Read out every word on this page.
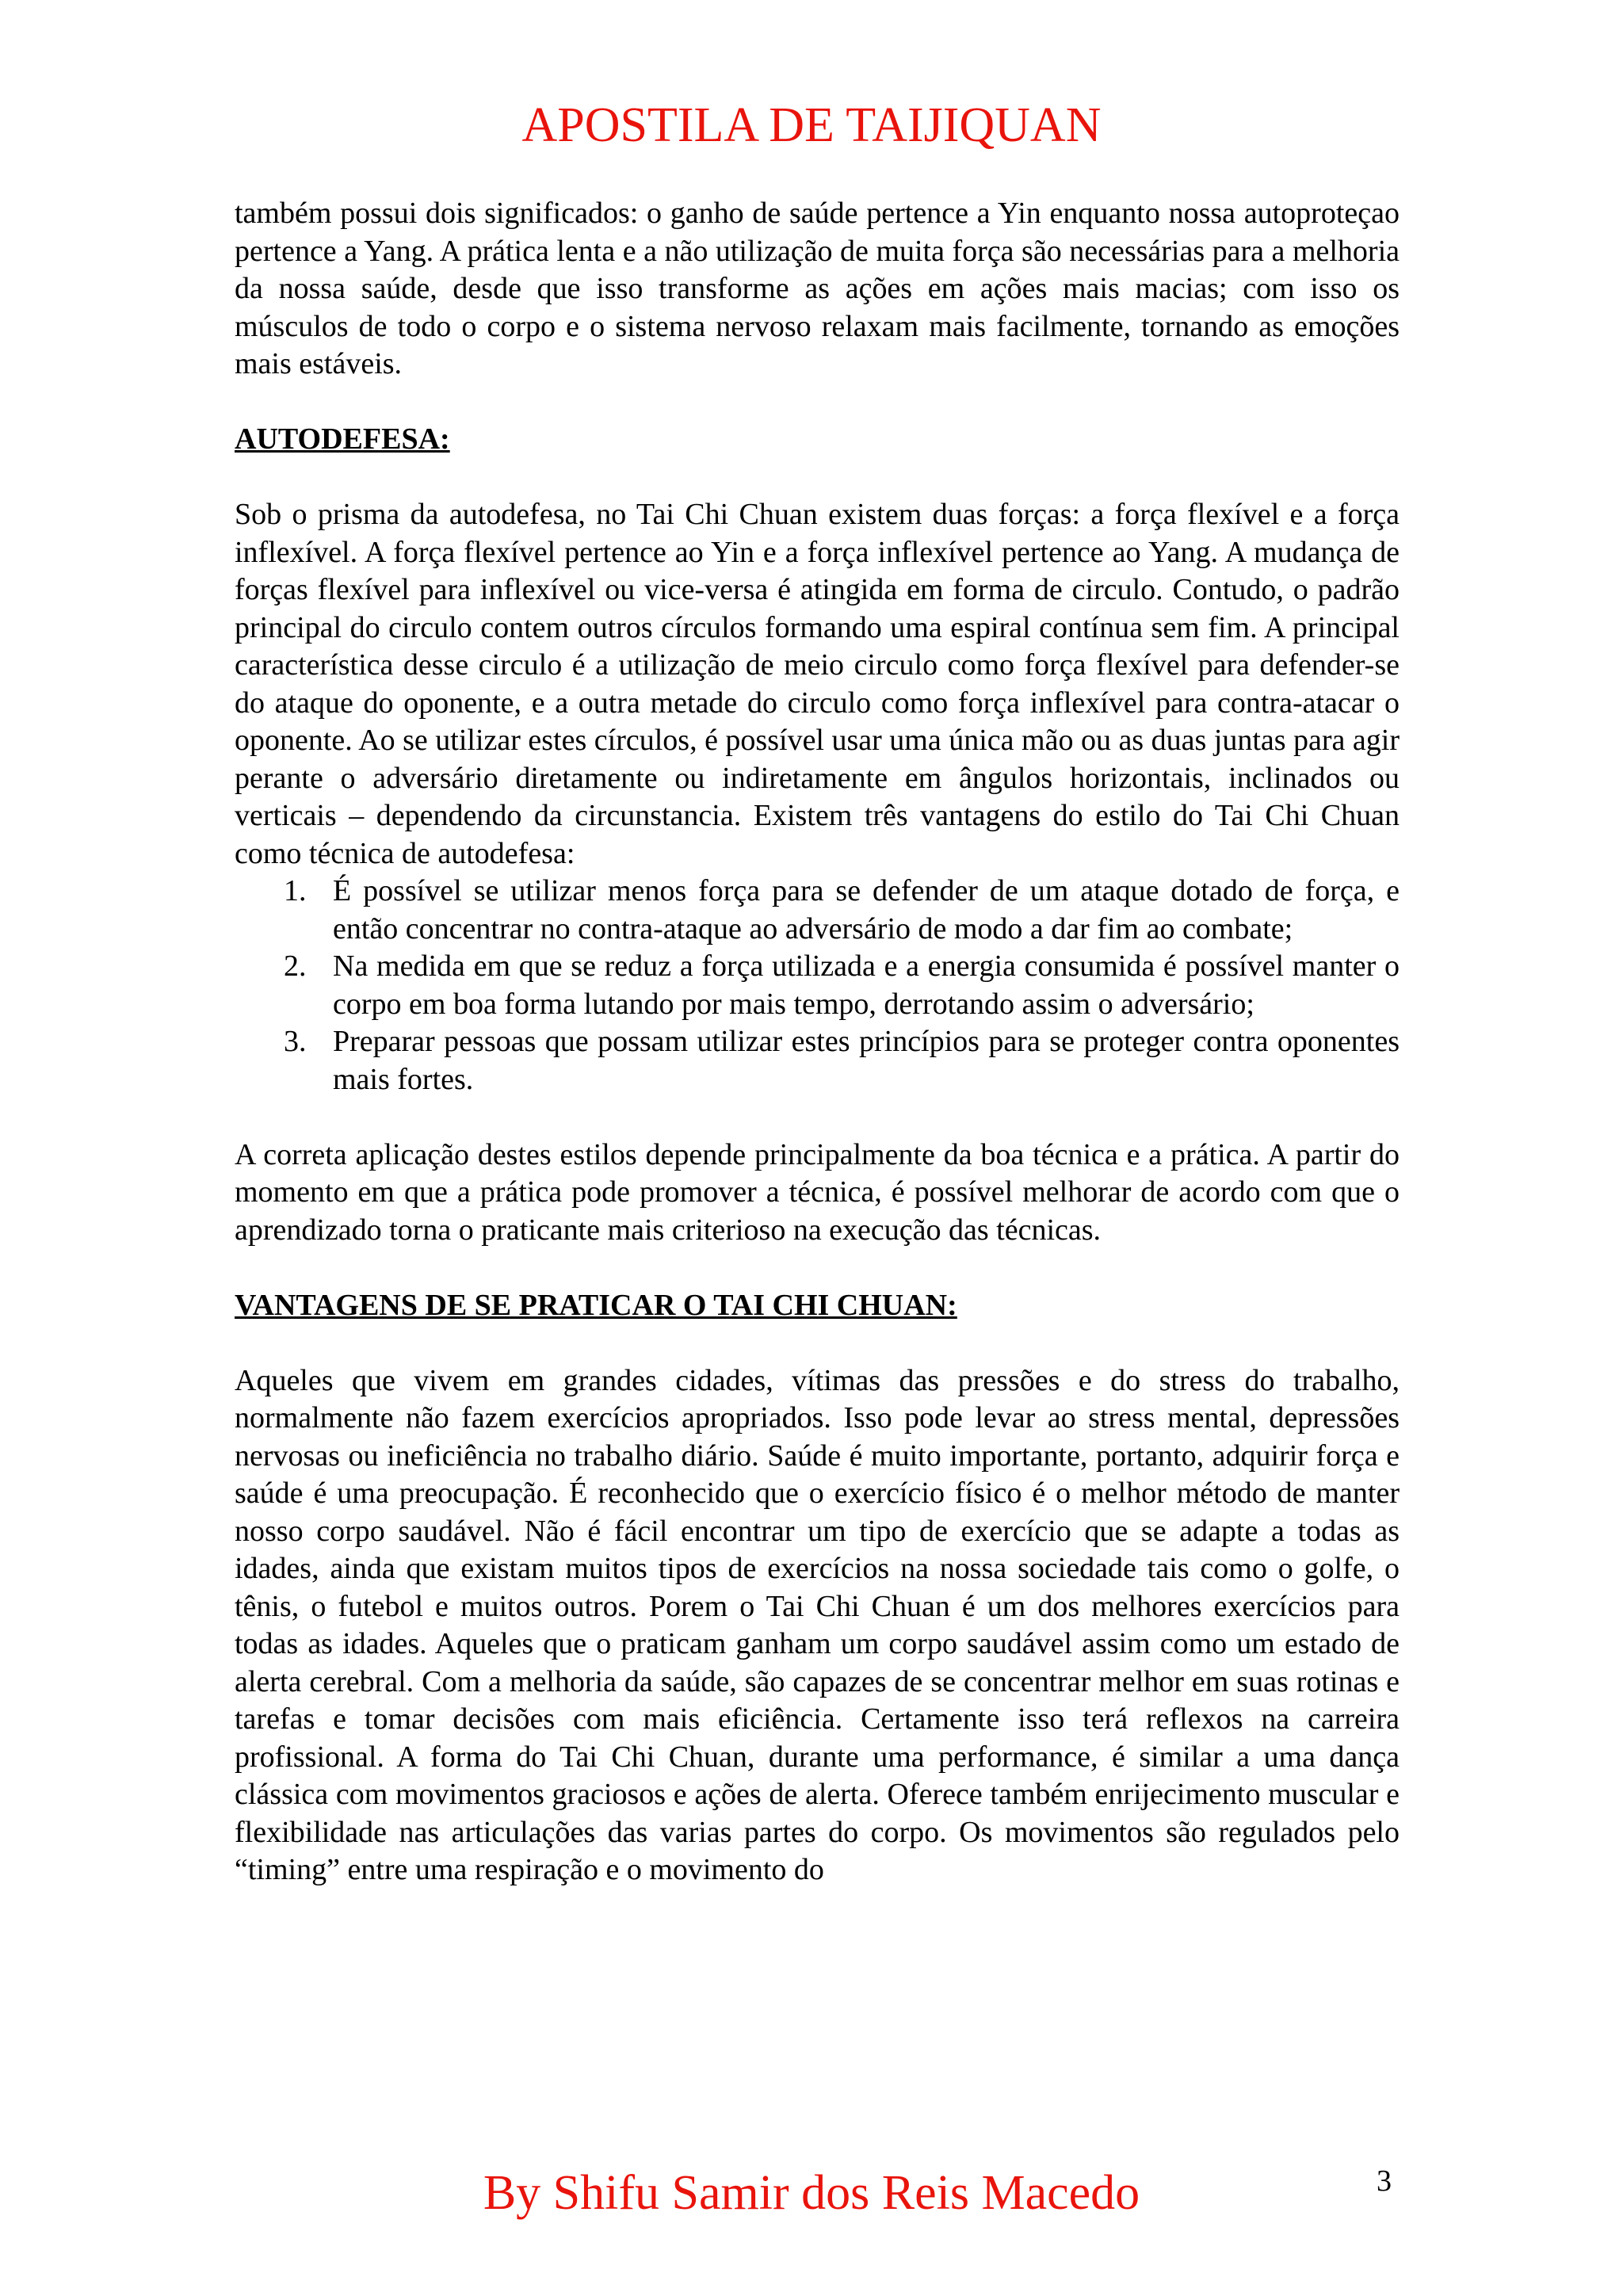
APOSTILA DE TAIJIQUAN

também possui dois significados: o ganho de saúde pertence a Yin enquanto nossa autoproteçao pertence a Yang. A prática lenta e a não utilização de muita força são necessárias para a melhoria da nossa saúde, desde que isso transforme as ações em ações mais macias; com isso os músculos de todo o corpo e o sistema nervoso relaxam mais facilmente, tornando as emoções mais estáveis.

AUTODEFESA:

Sob o prisma da autodefesa, no Tai Chi Chuan existem duas forças: a força flexível e a força inflexível. A força flexível pertence ao Yin e a força inflexível pertence ao Yang. A mudança de forças flexível para inflexível ou vice-versa é atingida em forma de circulo. Contudo, o padrão principal do circulo contem outros círculos formando uma espiral contínua sem fim. A principal característica desse circulo é a utilização de meio circulo como força flexível para defender-se do ataque do oponente, e a outra metade do circulo como força inflexível para contra-atacar o oponente. Ao se utilizar estes círculos, é possível usar uma única mão ou as duas juntas para agir perante o adversário diretamente ou indiretamente em ângulos horizontais, inclinados ou verticais – dependendo da circunstancia. Existem três vantagens do estilo do Tai Chi Chuan como técnica de autodefesa:

1. É possível se utilizar menos força para se defender de um ataque dotado de força, e então concentrar no contra-ataque ao adversário de modo a dar fim ao combate;
2. Na medida em que se reduz a força utilizada e a energia consumida é possível manter o corpo em boa forma lutando por mais tempo, derrotando assim o adversário;
3. Preparar pessoas que possam utilizar estes princípios para se proteger contra oponentes mais fortes.

A correta aplicação destes estilos depende principalmente da boa técnica e a prática. A partir do momento em que a prática pode promover a técnica, é possível melhorar de acordo com que o aprendizado torna o praticante mais criterioso na execução das técnicas.

VANTAGENS DE SE PRATICAR O TAI CHI CHUAN:

Aqueles que vivem em grandes cidades, vítimas das pressões e do stress do trabalho, normalmente não fazem exercícios apropriados. Isso pode levar ao stress mental, depressões nervosas ou ineficiência no trabalho diário. Saúde é muito importante, portanto, adquirir força e saúde é uma preocupação. É reconhecido que o exercício físico é o melhor método de manter nosso corpo saudável. Não é fácil encontrar um tipo de exercício que se adapte a todas as idades, ainda que existam muitos tipos de exercícios na nossa sociedade tais como o golfe, o tênis, o futebol e muitos outros. Porem o Tai Chi Chuan é um dos melhores exercícios para todas as idades. Aqueles que o praticam ganham um corpo saudável assim como um estado de alerta cerebral. Com a melhoria da saúde, são capazes de se concentrar melhor em suas rotinas e tarefas e tomar decisões com mais eficiência. Certamente isso terá reflexos na carreira profissional. A forma do Tai Chi Chuan, durante uma performance, é similar a uma dança clássica com movimentos graciosos e ações de alerta. Oferece também enrijecimento muscular e flexibilidade nas articulações das varias partes do corpo. Os movimentos são regulados pelo “timing” entre uma respiração e o movimento do

By Shifu Samir dos Reis Macedo	3
